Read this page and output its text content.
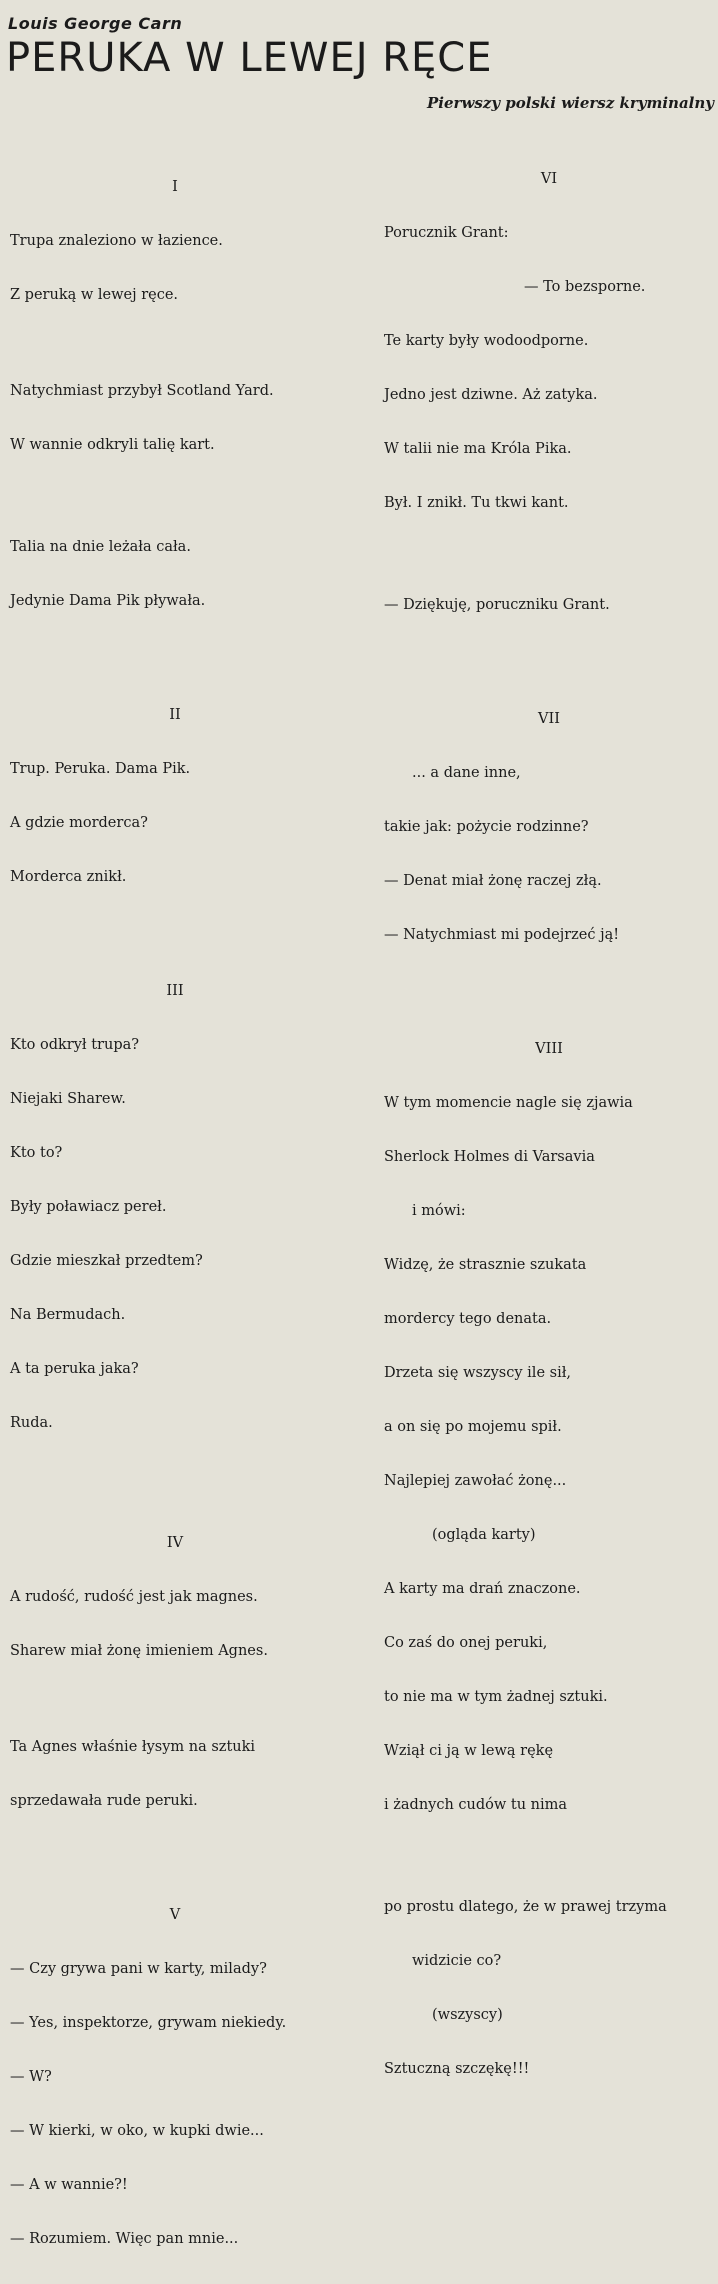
Louis George Carn
PERUKA W LEWEJ RĘCE
Pierwszy polski wiersz kryminalny

I

Trupa znaleziono w łazience.

Z peruką w lewej ręce.

Natychmiast przybył Scotland Yard.

W wannie odkryli talię kart.

Talia na dnie leżała cała.

Jedynie Dama Pik pływała.

II

Trup. Peruka. Dama Pik.

A gdzie morderca?

Morderca znikł.

III

Kto odkrył trupa?

Niejaki Sharew.

Kto to?

Były poławiacz pereł.

Gdzie mieszkał przedtem?

Na Bermudach.

A ta peruka jaka?

Ruda.

IV

A rudość, rudość jest jak magnes.

Sharew miał żonę imieniem Agnes.

Ta Agnes właśnie łysym na sztuki

sprzedawała rude peruki.

V

— Czy grywa pani w karty, milady?

— Yes, inspektorze, grywam niekiedy.

— W?

— W kierki, w oko, w kupki dwie...

— A w wannie?!

— Rozumiem. Więc pan mnie...

VI

Porucznik Grant:

— To bezsporne.

Te karty były wodoodporne.

Jedno jest dziwne. Aż zatyka.

W talii nie ma Króla Pika.

Był. I znikł. Tu tkwi kant.

— Dziękuję, poruczniku Grant.

VII

... a dane inne,

takie jak: pożycie rodzinne?

— Denat miał żonę raczej złą.

— Natychmiast mi podejrzeć ją!

VIII

W tym momencie nagle się zjawia

Sherlock Holmes di Varsavia

i mówi:

Widzę, że strasznie szukata

mordercy tego denata.

Drzeta się wszyscy ile sił,

a on się po mojemu spił.

Najlepiej zawołać żonę...

(ogląda karty)

A karty ma drań znaczone.

Co zaś do onej peruki,

to nie ma w tym żadnej sztuki.

Wziął ci ją w lewą rękę

i żadnych cudów tu nima

po prostu dlatego, że w prawej trzyma

widzicie co?

(wszyscy)

Sztuczną szczękę!!!
